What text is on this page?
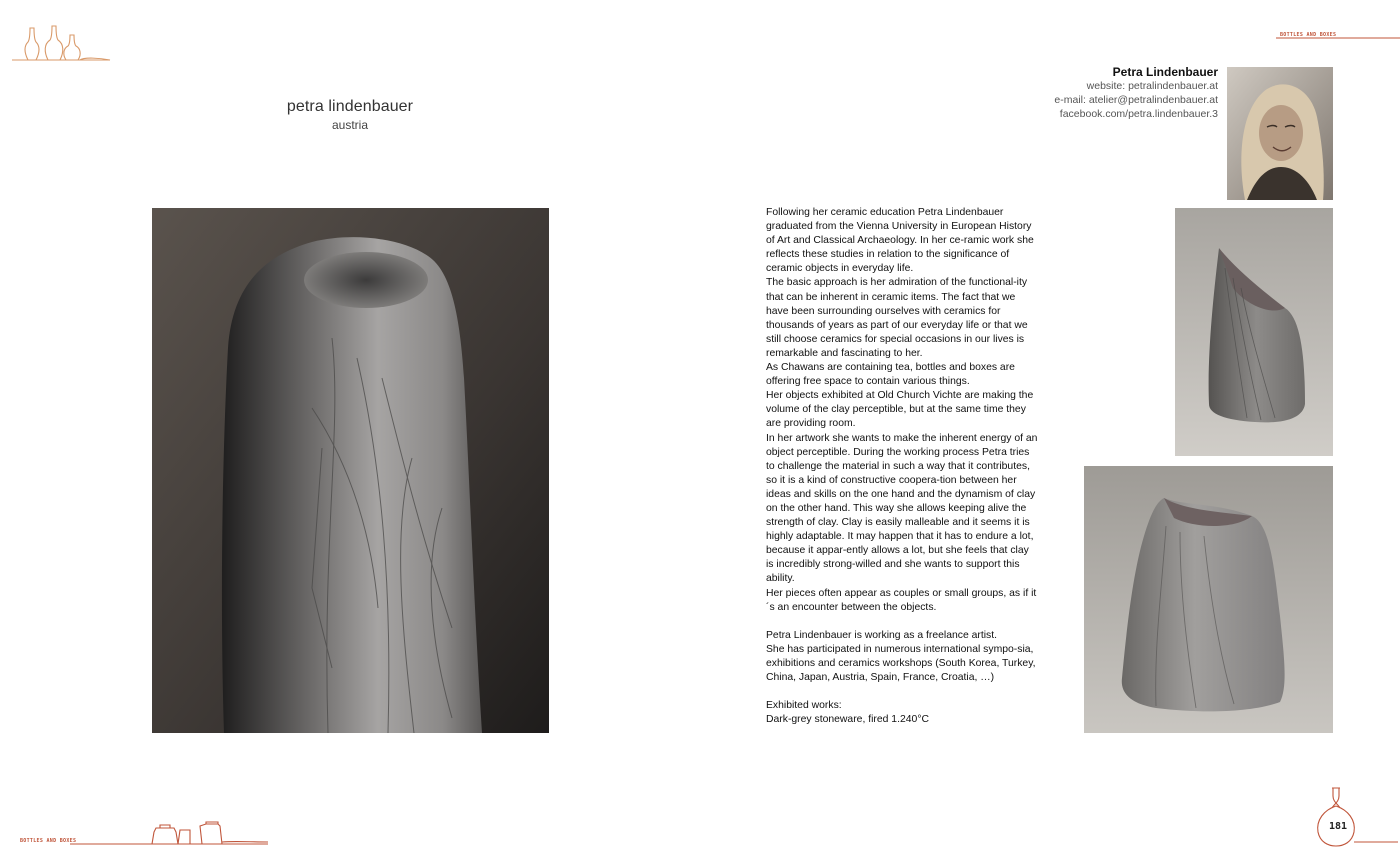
BOTTLES AND BOXES
BOTTLES AND BOXES
petra lindenbauer
austria
Petra Lindenbauer
website: petralindenbauer.at
e-mail: atelier@petralindenbauer.at
facebook.com/petra.lindenbauer.3

Following her ceramic education Petra Lindenbauer graduated from the Vienna University in European History of Art and Classical Archaeology. In her ce-ramic work she reflects these studies in relation to the significance of ceramic objects in everyday life.

The basic approach is her admiration of the functional-ity that can be inherent in ceramic items. The fact that we have been surrounding ourselves with ceramics for thousands of years as part of our everyday life or that we still choose ceramics for special occasions in our lives is remarkable and fascinating to her.

As Chawans are containing tea, bottles and boxes are offering free space to contain various things.

Her objects exhibited at Old Church Vichte are making the volume of the clay perceptible, but at the same time they are providing room.

In her artwork she wants to make the inherent energy of an object perceptible. During the working process Petra tries to challenge the material in such a way that it contributes, so it is a kind of constructive coopera-tion between her ideas and skills on the one hand and the dynamism of clay on the other hand. This way she allows keeping alive the strength of clay. Clay is easily malleable and it seems it is highly adaptable. It may happen that it has to endure a lot, because it appar-ently allows a lot, but she feels that clay is incredibly strong-willed and she wants to support this ability.

Her pieces often appear as couples or small groups, as if it´s an encounter between the objects.

Petra Lindenbauer is working as a freelance artist.

She has participated in numerous international sympo-sia, exhibitions and ceramics workshops (South Korea, Turkey, China, Japan, Austria, Spain, France, Croatia, …)

Exhibited works:

Dark-grey stoneware, fired 1.240°C

181
